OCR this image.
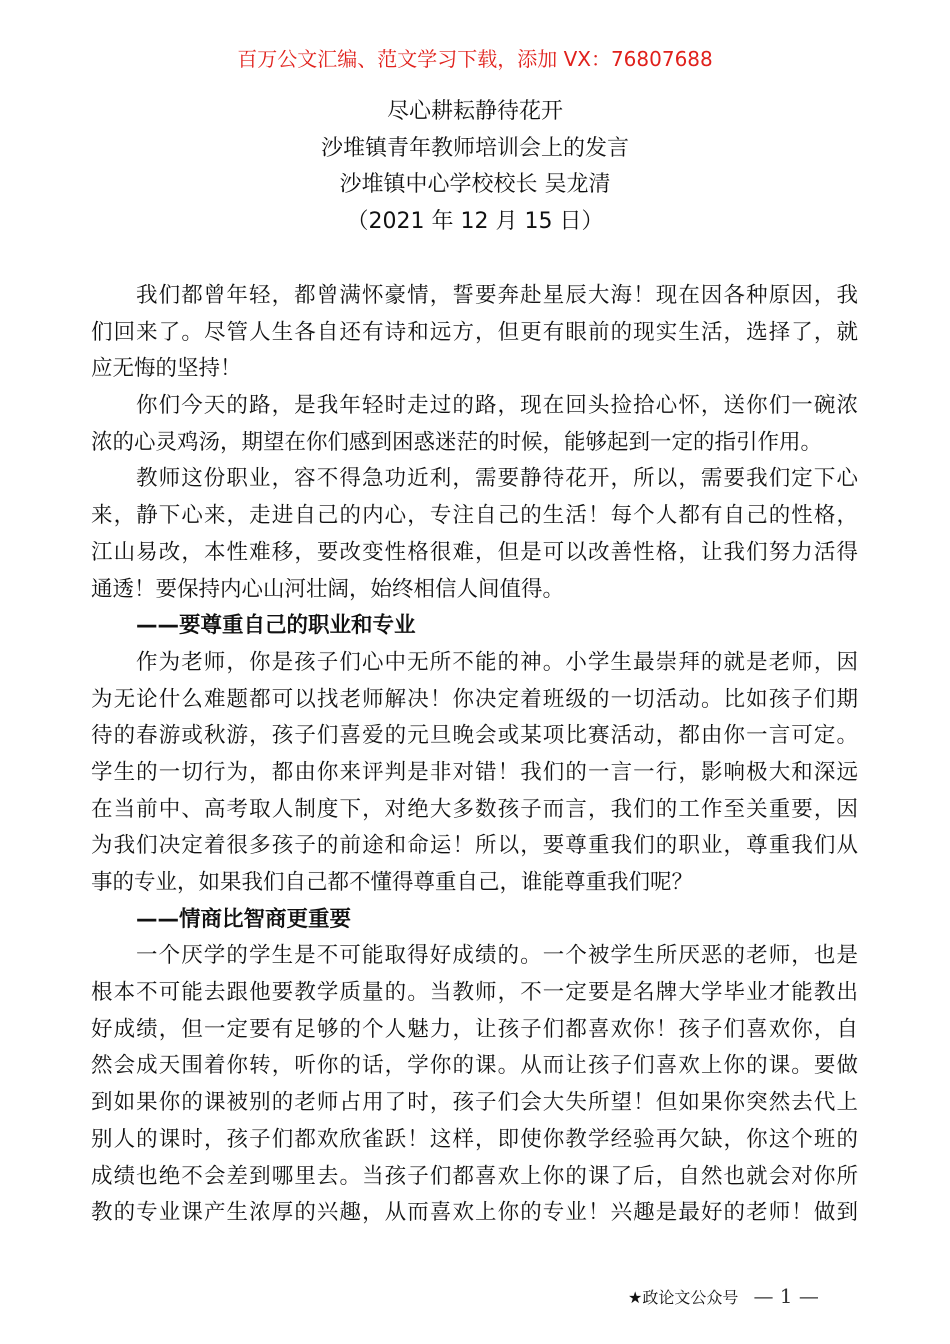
百万公文汇编、范文学习下载，添加 VX：76807688
尽心耕耘静待花开
沙堆镇青年教师培训会上的发言
沙堆镇中心学校校长 吴龙清
（2021 年 12 月 15 日）
我们都曾年轻，都曾满怀豪情，誓要奔赴星辰大海！现在因各种原因，我
们回来了。尽管人生各自还有诗和远方，但更有眼前的现实生活，选择了，就
应无悔的坚持！
你们今天的路，是我年轻时走过的路，现在回头捡拾心怀，送你们一碗浓
浓的心灵鸡汤，期望在你们感到困惑迷茫的时候，能够起到一定的指引作用。
教师这份职业，容不得急功近利，需要静待花开，所以，需要我们定下心
来，静下心来，走进自己的内心，专注自己的生活！每个人都有自己的性格，
江山易改，本性难移，要改变性格很难，但是可以改善性格，让我们努力活得
通透！要保持内心山河壮阔，始终相信人间值得。
——要尊重自己的职业和专业
作为老师，你是孩子们心中无所不能的神。小学生最崇拜的就是老师，因
为无论什么难题都可以找老师解决！你决定着班级的一切活动。比如孩子们期
待的春游或秋游，孩子们喜爱的元旦晚会或某项比赛活动，都由你一言可定。
学生的一切行为，都由你来评判是非对错！我们的一言一行，影响极大和深远
在当前中、高考取人制度下，对绝大多数孩子而言，我们的工作至关重要，因
为我们决定着很多孩子的前途和命运！所以，要尊重我们的职业，尊重我们从
事的专业，如果我们自己都不懂得尊重自己，谁能尊重我们呢？
——情商比智商更重要
一个厌学的学生是不可能取得好成绩的。一个被学生所厌恶的老师，也是
根本不可能去跟他要教学质量的。当教师，不一定要是名牌大学毕业才能教出
好成绩，但一定要有足够的个人魅力，让孩子们都喜欢你！孩子们喜欢你，自
然会成天围着你转，听你的话，学你的课。从而让孩子们喜欢上你的课。要做
到如果你的课被别的老师占用了时，孩子们会大失所望！但如果你突然去代上
别人的课时，孩子们都欢欣雀跃！这样，即使你教学经验再欠缺，你这个班的
成绩也绝不会差到哪里去。当孩子们都喜欢上你的课了后，自然也就会对你所
教的专业课产生浓厚的兴趣，从而喜欢上你的专业！兴趣是最好的老师！做到
★政论文公众号 — 1 —
